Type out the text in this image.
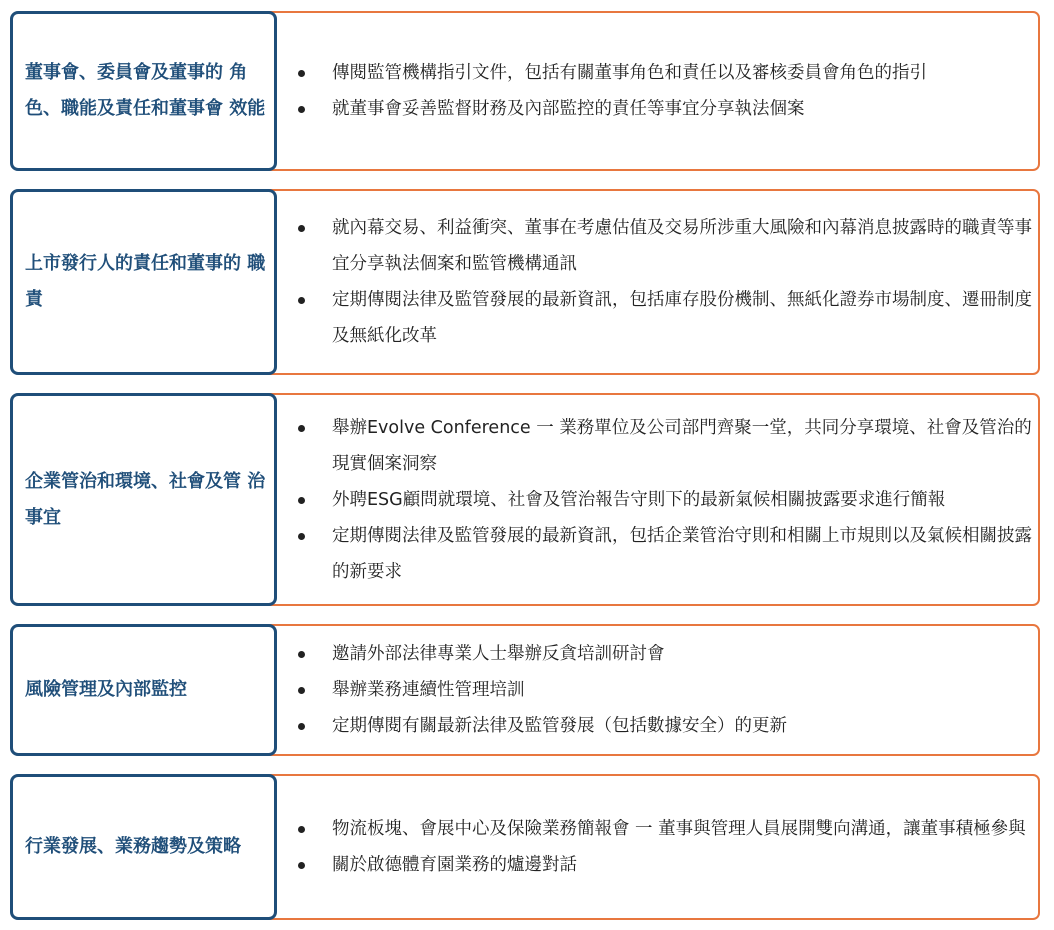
董事會、委員會及董事的 角色、職能及責任和董事會 效能

傳閱監管機構指引文件，包括有關董事角色和責任以及審核委員會角色的指引
就董事會妥善監督財務及內部監控的責任等事宜分享執法個案

上市發行人的責任和董事的 職責

就內幕交易、利益衝突、董事在考慮估值及交易所涉重大風險和內幕消息披露時的職責等事宜分享執法個案和監管機構通訊
定期傳閱法律及監管發展的最新資訊，包括庫存股份機制、無紙化證券市場制度、遷冊制度及無紙化改革

企業管治和環境、社會及管 治事宜

舉辦Evolve Conference 一 業務單位及公司部門齊聚一堂，共同分享環境、社會及管治的現實個案洞察
外聘ESG顧問就環境、社會及管治報告守則下的最新氣候相關披露要求進行簡報
定期傳閱法律及監管發展的最新資訊，包括企業管治守則和相關上市規則以及氣候相關披露的新要求

風險管理及內部監控

邀請外部法律專業人士舉辦反貪培訓研討會
舉辦業務連續性管理培訓
定期傳閱有關最新法律及監管發展（包括數據安全）的更新

行業發展、業務趨勢及策略

物流板塊、會展中心及保險業務簡報會 一 董事與管理人員展開雙向溝通，讓董事積極參與
關於啟德體育園業務的爐邊對話
